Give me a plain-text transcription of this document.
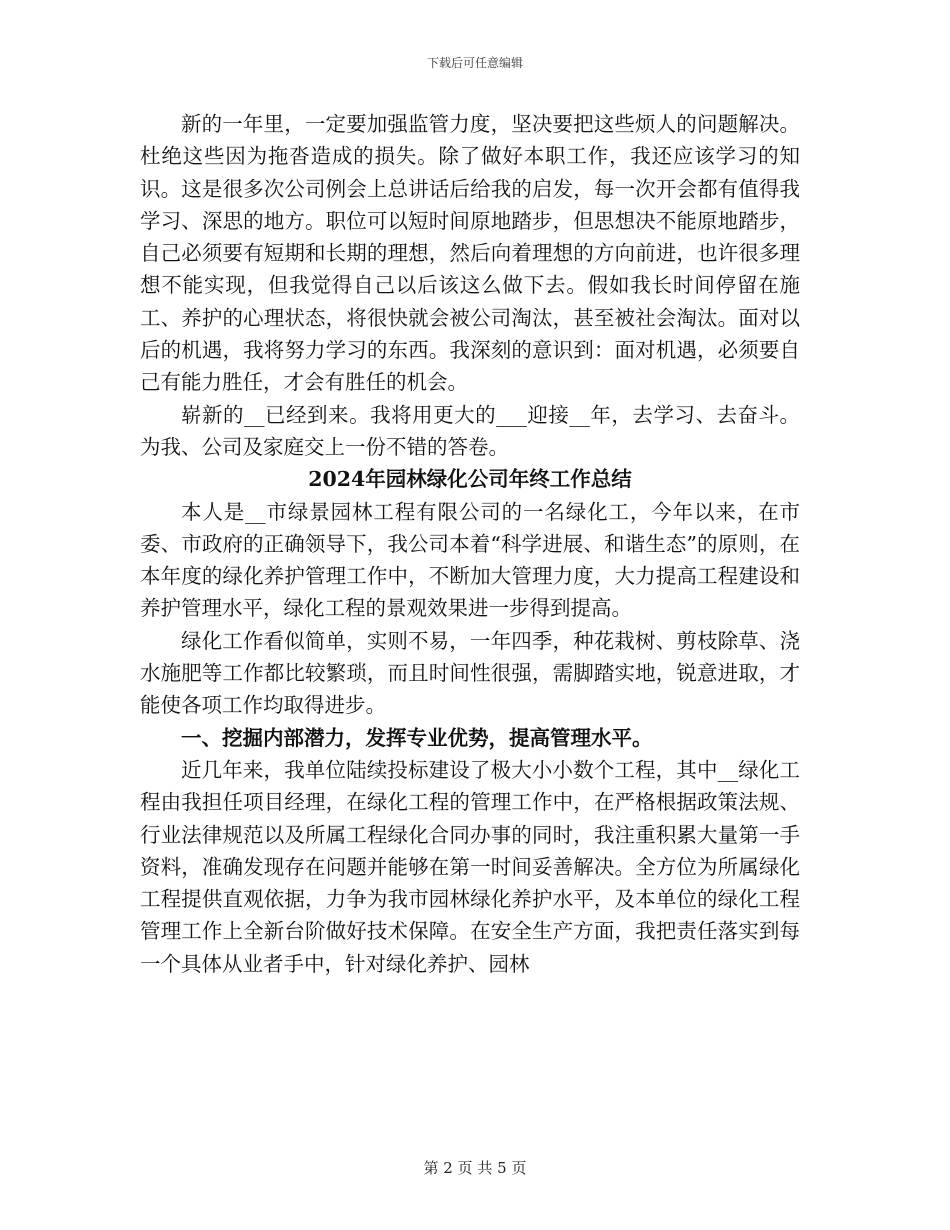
下载后可任意编辑

新的一年里，一定要加强监管力度，坚决要把这些烦人的问题解决。杜绝这些因为拖沓造成的损失。除了做好本职工作，我还应该学习的知识。这是很多次公司例会上总讲话后给我的启发，每一次开会都有值得我学习、深思的地方。职位可以短时间原地踏步，但思想决不能原地踏步，自己必须要有短期和长期的理想，然后向着理想的方向前进，也许很多理想不能实现，但我觉得自己以后该这么做下去。假如我长时间停留在施工、养护的心理状态，将很快就会被公司淘汰，甚至被社会淘汰。面对以后的机遇，我将努力学习的东西。我深刻的意识到：面对机遇，必须要自己有能力胜任，才会有胜任的机会。

崭新的__已经到来。我将用更大的___迎接__年，去学习、去奋斗。为我、公司及家庭交上一份不错的答卷。

2024年园林绿化公司年终工作总结

本人是__市绿景园林工程有限公司的一名绿化工，今年以来，在市委、市政府的正确领导下，我公司本着“科学进展、和谐生态”的原则，在本年度的绿化养护管理工作中，不断加大管理力度，大力提高工程建设和养护管理水平，绿化工程的景观效果进一步得到提高。

绿化工作看似简单，实则不易，一年四季，种花栽树、剪枝除草、浇水施肥等工作都比较繁琐，而且时间性很强，需脚踏实地，锐意进取，才能使各项工作均取得进步。

一、挖掘内部潜力，发挥专业优势，提高管理水平。

近几年来，我单位陆续投标建设了极大小小数个工程，其中__绿化工程由我担任项目经理，在绿化工程的管理工作中，在严格根据政策法规、行业法律规范以及所属工程绿化合同办事的同时，我注重积累大量第一手资料，准确发现存在问题并能够在第一时间妥善解决。全方位为所属绿化工程提供直观依据，力争为我市园林绿化养护水平，及本单位的绿化工程管理工作上全新台阶做好技术保障。在安全生产方面，我把责任落实到每一个具体从业者手中，针对绿化养护、园林

第 2 页 共 5 页
